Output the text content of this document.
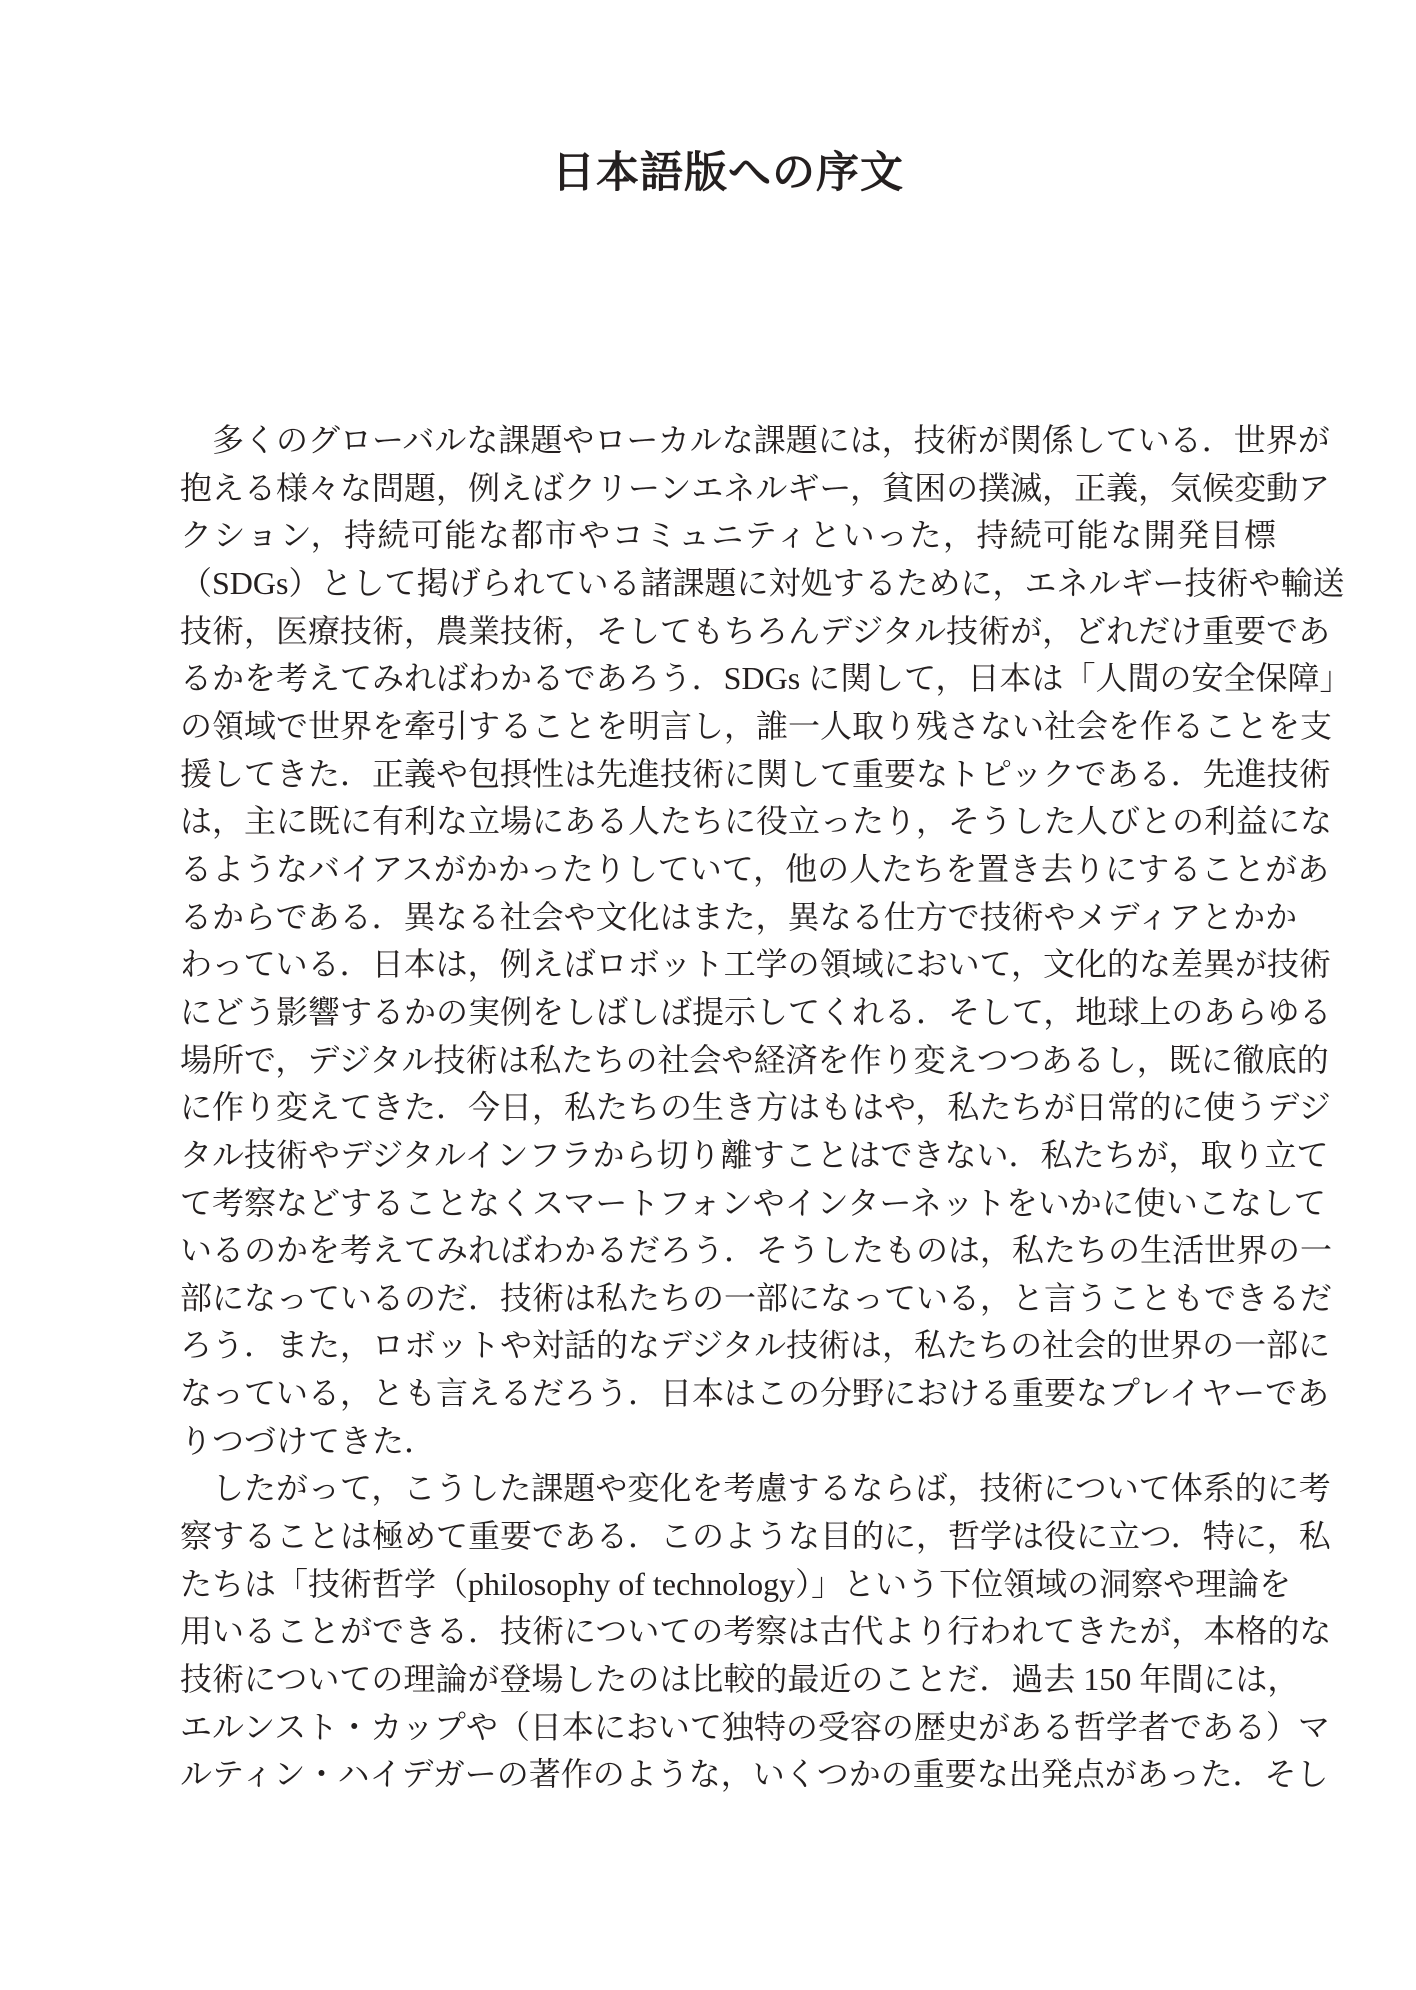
日本語版への序文
　多くのグローバルな課題やローカルな課題には，技術が関係している．世界が
抱える様々な問題，例えばクリーンエネルギー，貧困の撲滅，正義，気候変動ア
クション，持続可能な都市やコミュニティといった，持続可能な開発目標
（SDGs）として掲げられている諸課題に対処するために，エネルギー技術や輸送
技術，医療技術，農業技術，そしてもちろんデジタル技術が，どれだけ重要であ
るかを考えてみればわかるであろう．SDGs に関して，日本は「人間の安全保障」
の領域で世界を牽引することを明言し，誰一人取り残さない社会を作ることを支
援してきた．正義や包摂性は先進技術に関して重要なトピックである．先進技術
は，主に既に有利な立場にある人たちに役立ったり，そうした人びとの利益にな
るようなバイアスがかかったりしていて，他の人たちを置き去りにすることがあ
るからである．異なる社会や文化はまた，異なる仕方で技術やメディアとかか
わっている．日本は，例えばロボット工学の領域において，文化的な差異が技術
にどう影響するかの実例をしばしば提示してくれる．そして，地球上のあらゆる
場所で，デジタル技術は私たちの社会や経済を作り変えつつあるし，既に徹底的
に作り変えてきた．今日，私たちの生き方はもはや，私たちが日常的に使うデジ
タル技術やデジタルインフラから切り離すことはできない．私たちが，取り立て
て考察などすることなくスマートフォンやインターネットをいかに使いこなして
いるのかを考えてみればわかるだろう．そうしたものは，私たちの生活世界の一
部になっているのだ．技術は私たちの一部になっている，と言うこともできるだ
ろう．また，ロボットや対話的なデジタル技術は，私たちの社会的世界の一部に
なっている，とも言えるだろう．日本はこの分野における重要なプレイヤーであ
りつづけてきた．
　したがって，こうした課題や変化を考慮するならば，技術について体系的に考
察することは極めて重要である．このような目的に，哲学は役に立つ．特に，私
たちは「技術哲学（philosophy of technology）」という下位領域の洞察や理論を
用いることができる．技術についての考察は古代より行われてきたが，本格的な
技術についての理論が登場したのは比較的最近のことだ．過去 150 年間には，
エルンスト・カップや（日本において独特の受容の歴史がある哲学者である）マ
ルティン・ハイデガーの著作のような，いくつかの重要な出発点があった．そし
